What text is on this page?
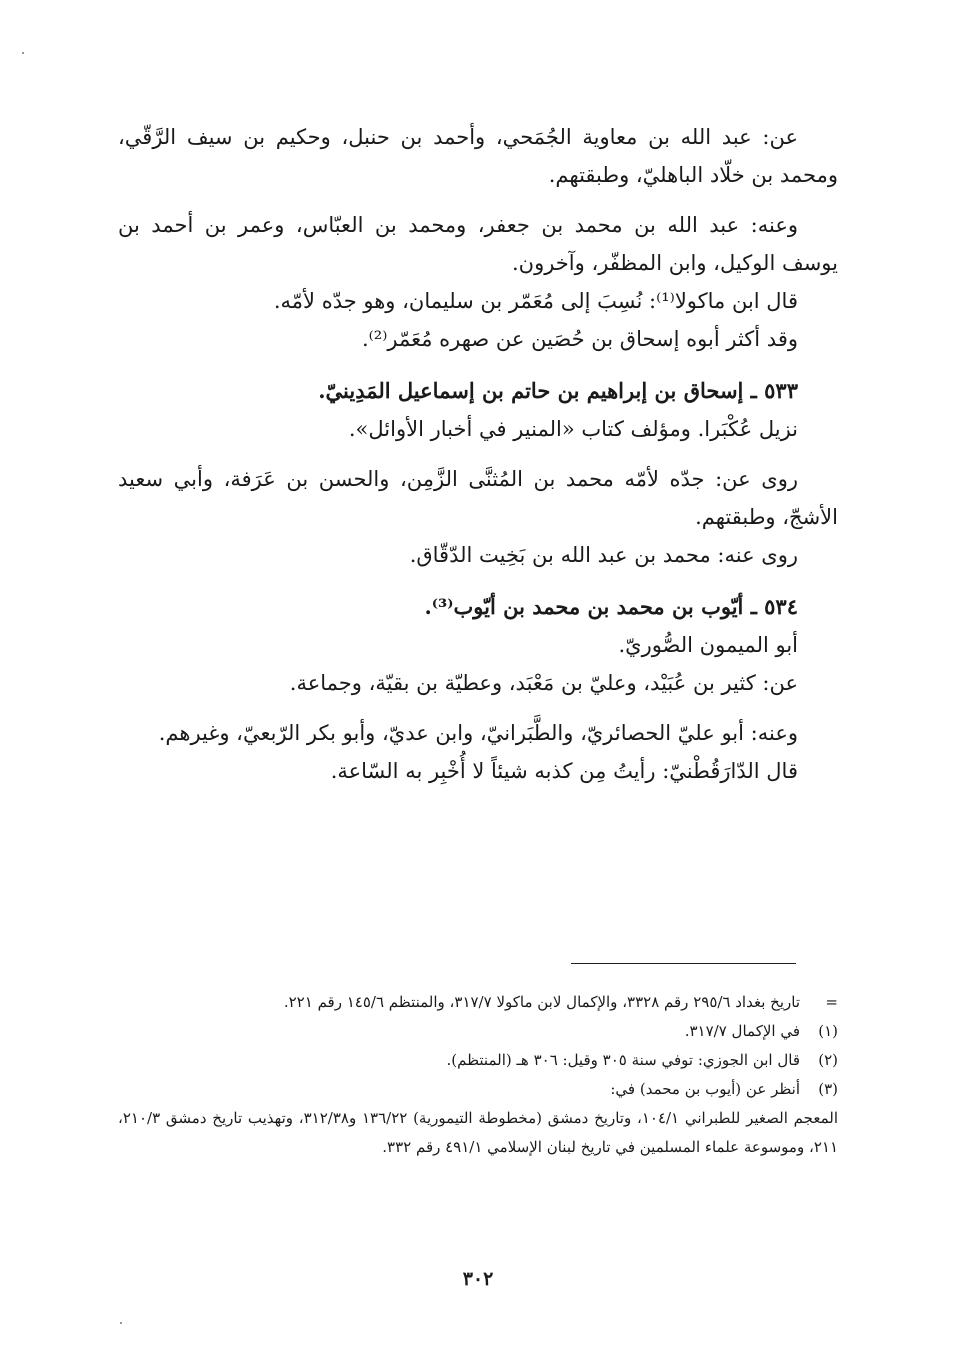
عن: عبد الله بن معاوية الجُمَحي، وأحمد بن حنبل، وحكيم بن سيف الرَّقّي، ومحمد بن خلّاد الباهليّ، وطبقتهم.

وعنه: عبد الله بن محمد بن جعفر، ومحمد بن العبّاس، وعمر بن أحمد بن يوسف الوكيل، وابن المظفّر، وآخرون.

قال ابن ماكولا⁽¹⁾: نُسِبَ إلى مُعَمّر بن سليمان، وهو جدّه لأمّه.

وقد أكثر أبوه إسحاق بن حُصَين عن صهره مُعَمّر⁽²⁾.

٥٣٣ ـ إسحاق بن إبراهيم بن حاتم بن إسماعيل المَدِينيّ.

نزيل عُكْبَرا. ومؤلف كتاب «المنير في أخبار الأوائل».

روى عن: جدّه لأمّه محمد بن المُثنَّى الزَّمِن، والحسن بن عَرَفة، وأبي سعيد الأشجّ، وطبقتهم.

روى عنه: محمد بن عبد الله بن بَخِيت الدّقّاق.

٥٣٤ ـ أيّوب بن محمد بن محمد بن أيّوب⁽³⁾.

أبو الميمون الصُّوريّ.

عن: كثير بن عُبَيْد، وعليّ بن مَعْبَد، وعطيّة بن بقيّة، وجماعة.

وعنه: أبو عليّ الحصائريّ، والطَّبَرانيّ، وابن عديّ، وأبو بكر الرّبعيّ، وغيرهم.

قال الدّارَقُطْنيّ: رأيتُ مِن كذبه شيئاً لا أُخْبِر به السّاعة.

=
تاريخ بغداد ٢٩٥/٦ رقم ٣٣٢٨، والإكمال لابن ماكولا ٣١٧/٧، والمنتظم ١٤٥/٦ رقم ٢٢١.
(١)
في الإكمال ٣١٧/٧.
(٢)
قال ابن الجوزي: توفي سنة ٣٠٥ وقيل: ٣٠٦ هـ (المنتظم).
(٣)
أنظر عن (أيوب بن محمد) في:
المعجم الصغير للطبراني ١٠٤/١، وتاريخ دمشق (مخطوطة التيمورية) ١٣٦/٢٢ و٣١٢/٣٨، وتهذيب تاريخ دمشق ٢١٠/٣، ٢١١، وموسوعة علماء المسلمين في تاريخ لبنان الإسلامي ٤٩١/١ رقم ٣٣٢.
٣٠٢
